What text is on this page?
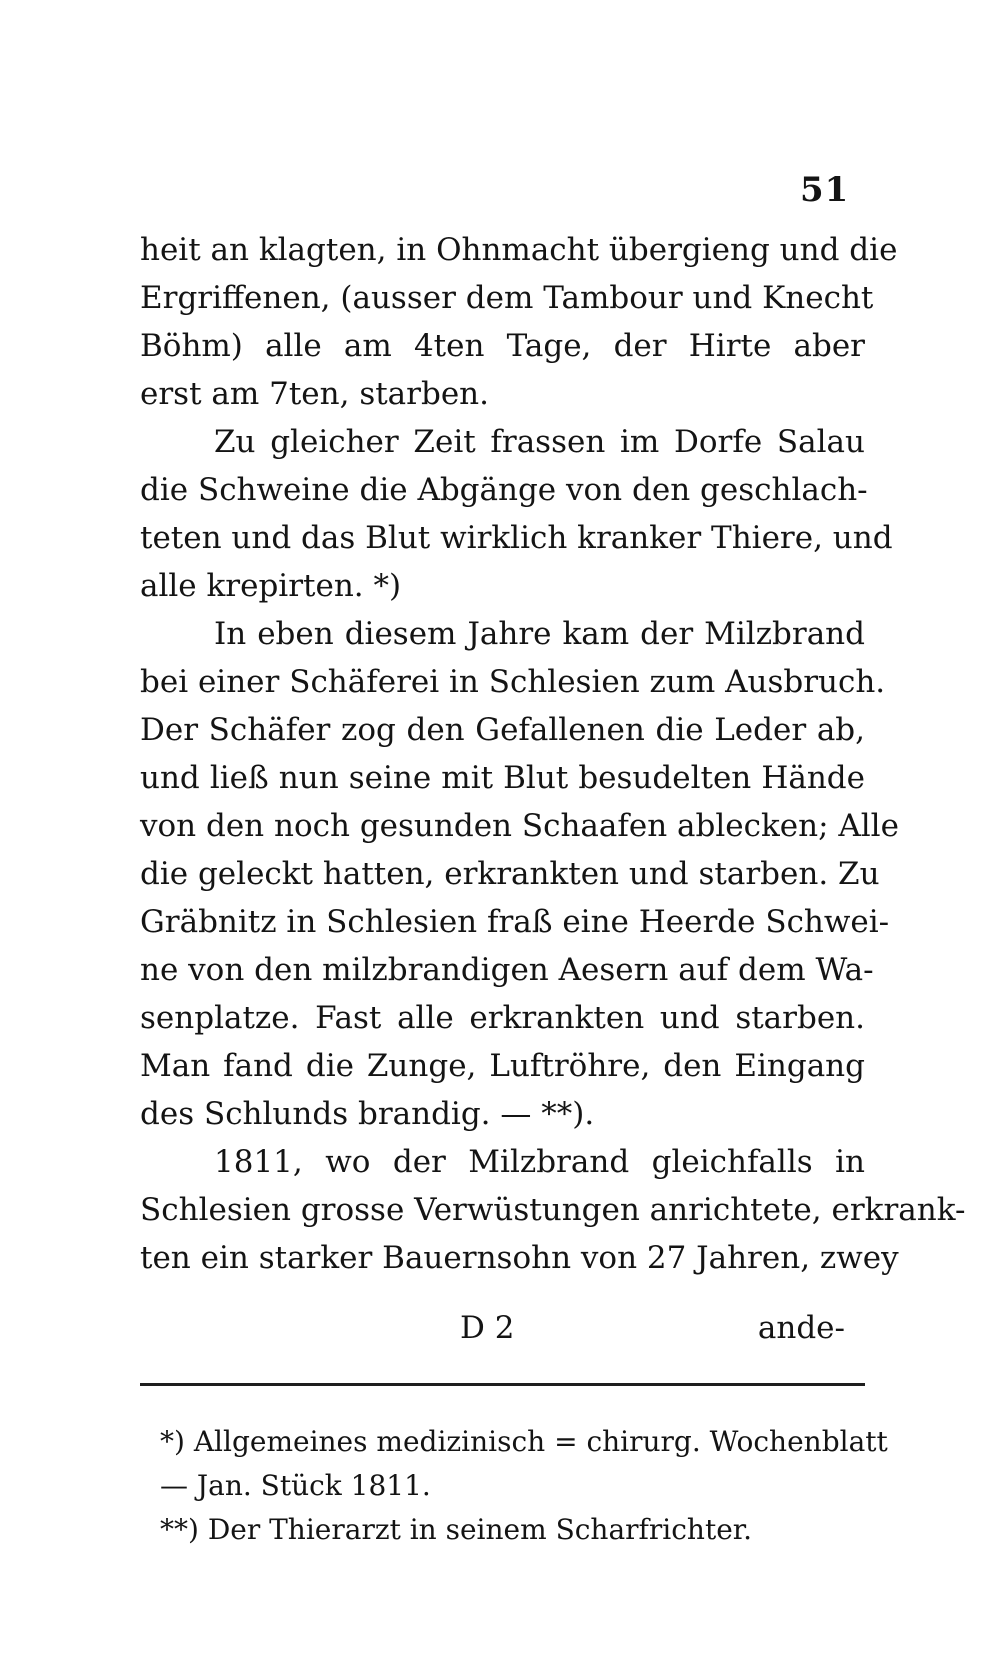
51
heit an klagten, in Ohnmacht übergieng und die
Ergriffenen, (ausser dem Tambour und Knecht
Böhm) alle am 4ten Tage, der Hirte aber
erst am 7ten, starben.
Zu gleicher Zeit frassen im Dorfe Salau
die Schweine die Abgänge von den geschlach-
teten und das Blut wirklich kranker Thiere, und
alle krepirten. *)
In eben diesem Jahre kam der Milzbrand
bei einer Schäferei in Schlesien zum Ausbruch.
Der Schäfer zog den Gefallenen die Leder ab,
und ließ nun seine mit Blut besudelten Hände
von den noch gesunden Schaafen ablecken; Alle
die geleckt hatten, erkrankten und starben. Zu
Gräbnitz in Schlesien fraß eine Heerde Schwei-
ne von den milzbrandigen Aesern auf dem Wa-
senplatze. Fast alle erkrankten und starben.
Man fand die Zunge, Luftröhre, den Eingang
des Schlunds brandig. — **).
1811, wo der Milzbrand gleichfalls in
Schlesien grosse Verwüstungen anrichtete, erkrank-
ten ein starker Bauernsohn von 27 Jahren, zwey
D 2	ande-
*) Allgemeines medizinisch = chirurg. Wochenblatt
— Jan. Stück 1811.
**) Der Thierarzt in seinem Scharfrichter.
